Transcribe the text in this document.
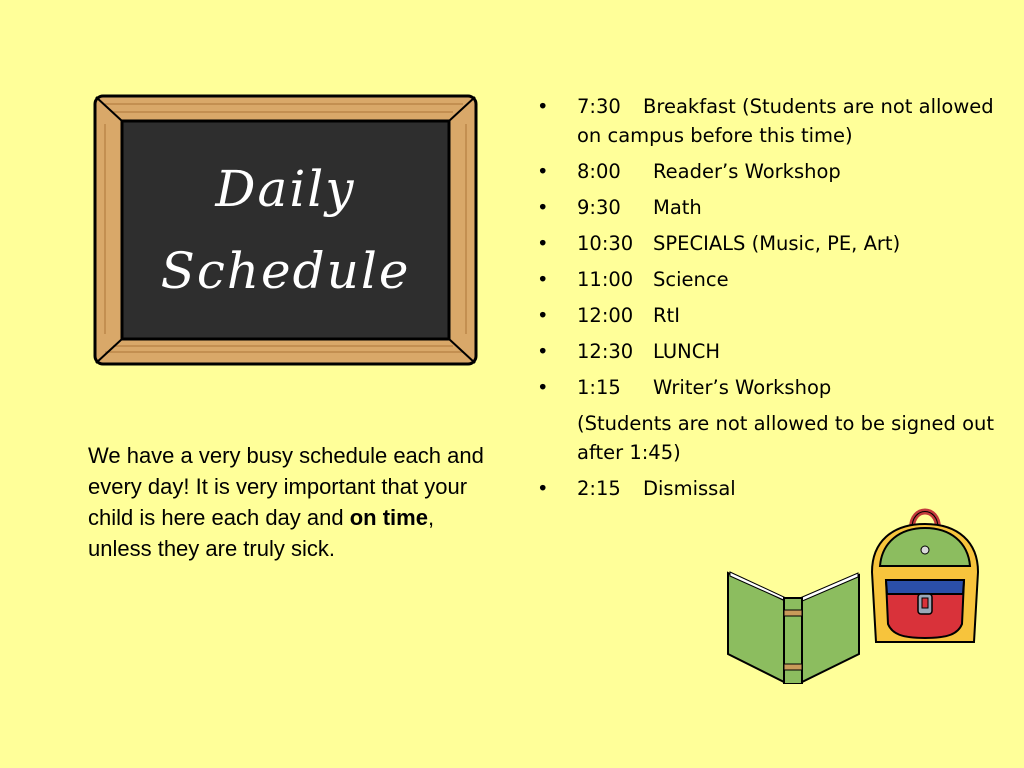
Daily
Schedule
We have a very busy schedule each and every day! It is very important that your child is here each day and on time, unless they are truly sick.
• 7:30 Breakfast (Students are not allowed on campus before this time)
• 8:00 Reader’s Workshop
• 9:30 Math
• 10:30 SPECIALS (Music, PE, Art)
• 11:00 Science
• 12:00 RtI
• 12:30 LUNCH
• 1:15 Writer’s Workshop
(Students are not allowed to be signed out after 1:45)
• 2:15 Dismissal
